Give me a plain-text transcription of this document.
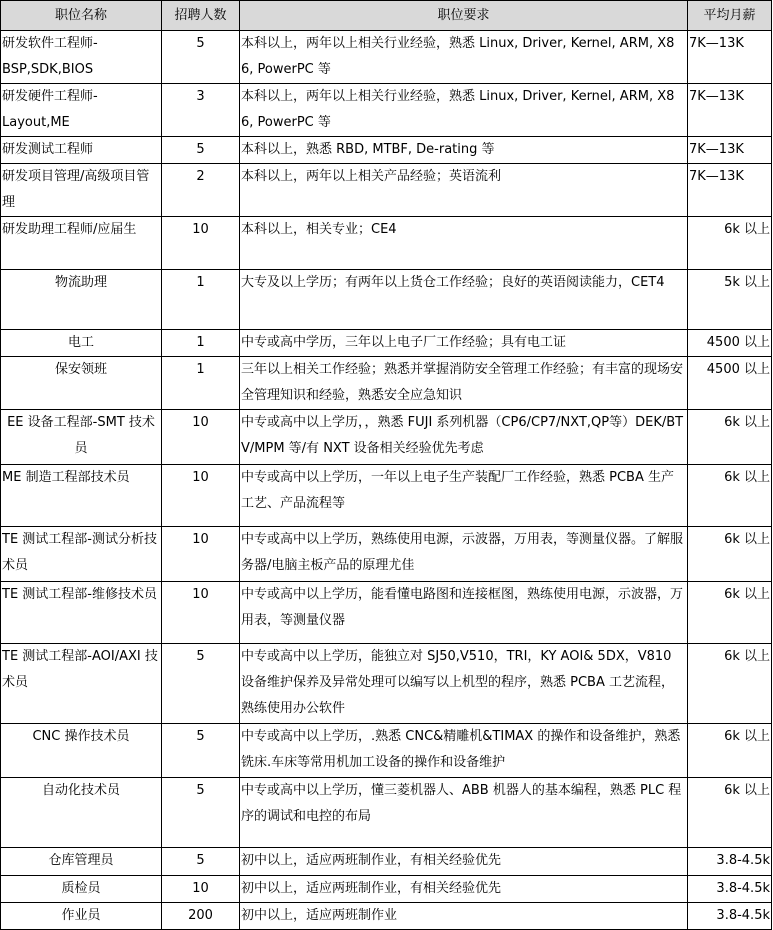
职位名称	招聘人数	职位要求	平均月薪
研发软件工程师-BSP,SDK,BIOS	5	本科以上，两年以上相关行业经验，熟悉 Linux, Driver, Kernel, ARM, X86, PowerPC 等	7K—13K
研发硬件工程师-Layout,ME	3	本科以上，两年以上相关行业经验，熟悉 Linux, Driver, Kernel, ARM, X86, PowerPC 等	7K—13K
研发测试工程师	5	本科以上，熟悉 RBD, MTBF, De-rating 等	7K—13K
研发项目管理/高级项目管理	2	本科以上，两年以上相关产品经验；英语流利	7K—13K
研发助理工程师/应届生	10	本科以上，相关专业；CE4	6k 以上
物流助理	1	大专及以上学历；有两年以上货仓工作经验；良好的英语阅读能力，CET4	5k 以上
电工	1	中专或高中学历，三年以上电子厂工作经验；具有电工证	4500 以上
保安领班	1	三年以上相关工作经验；熟悉并掌握消防安全管理工作经验；有丰富的现场安全管理知识和经验，熟悉安全应急知识	4500 以上
EE 设备工程部-SMT 技术员	10	中专或高中以上学历，，熟悉 FUJI 系列机器（CP6/CP7/NXT,QP等）DEK/BTV/MPM 等/有 NXT 设备相关经验优先考虑	6k 以上
ME 制造工程部技术员	10	中专或高中以上学历，一年以上电子生产装配厂工作经验，熟悉 PCBA 生产工艺、产品流程等	6k 以上
TE 测试工程部-测试分析技术员	10	中专或高中以上学历，熟练使用电源，示波器，万用表，等测量仪器。了解服务器/电脑主板产品的原理尤佳	6k 以上
TE 测试工程部-维修技术员	10	中专或高中以上学历，能看懂电路图和连接框图，熟练使用电源，示波器，万用表，等测量仪器	6k 以上
TE 测试工程部-AOI/AXI 技术员	5	中专或高中以上学历，能独立对 SJ50,V510，TRI，KY AOI& 5DX，V810 设备维护保养及异常处理可以编写以上机型的程序，熟悉 PCBA 工艺流程，熟练使用办公软件	6k 以上
CNC 操作技术员	5	中专或高中以上学历，.熟悉 CNC&精雕机&TIMAX 的操作和设备维护，熟悉铣床.车床等常用机加工设备的操作和设备维护	6k 以上
自动化技术员	5	中专或高中以上学历，懂三菱机器人、ABB 机器人的基本编程，熟悉 PLC 程序的调试和电控的布局	6k 以上
仓库管理员	5	初中以上，适应两班制作业，有相关经验优先	3.8-4.5k
质检员	10	初中以上，适应两班制作业，有相关经验优先	3.8-4.5k
作业员	200	初中以上，适应两班制作业	3.8-4.5k
